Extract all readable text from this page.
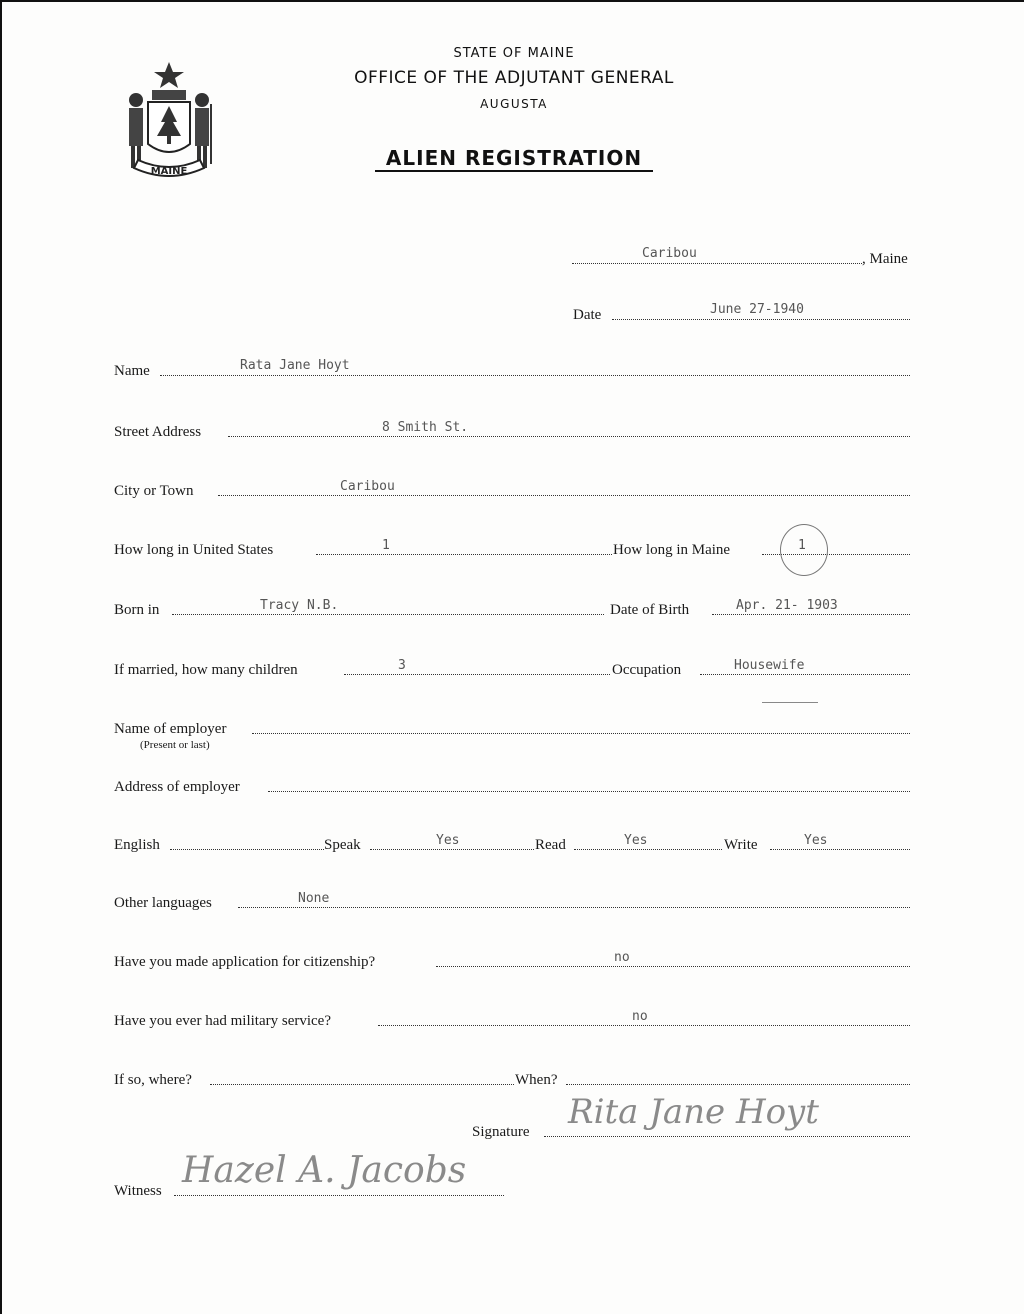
MAINE
STATE OF MAINE
OFFICE OF THE ADJUTANT GENERAL
AUGUSTA
ALIEN REGISTRATION
Caribou	, Maine
Date	June 27-1940
Name	Rata Jane Hoyt
Street Address	8 Smith St.
City or Town	Caribou
How long in United States	1	How long in Maine	1
Born in	Tracy N.B.	Date of Birth	Apr. 21- 1903
If married, how many children	3	Occupation	Housewife
Name of employer
(Present or last)
Address of employer
English	Speak	Yes	Read	Yes	Write	Yes
Other languages	None
Have you made application for citizenship?	no
Have you ever had military service?	no
If so, where?	When?
Signature Rita Jane Hoyt
Witness Hazel A. Jacobs
